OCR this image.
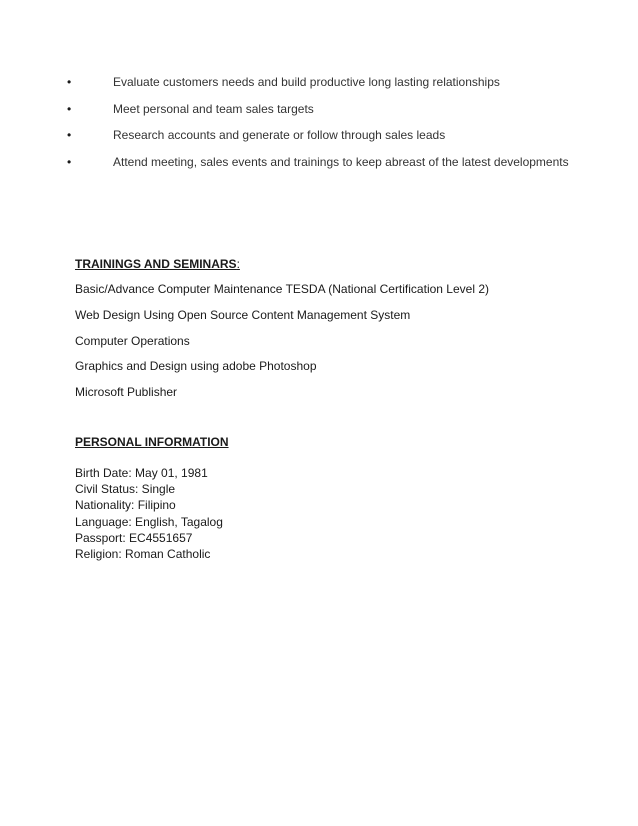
•	Evaluate customers needs and build productive long lasting relationships
•	Meet personal and team sales targets
•	Research accounts and generate or follow through sales leads
•	Attend meeting, sales events and trainings to keep abreast of the latest developments
TRAININGS AND SEMINARS:
Basic/Advance Computer Maintenance TESDA (National Certification Level 2)
Web Design Using Open Source Content Management System
Computer Operations
Graphics and Design using adobe Photoshop
Microsoft Publisher
PERSONAL INFORMATION
Birth Date: May 01, 1981
Civil Status: Single
Nationality: Filipino
Language: English, Tagalog
Passport: EC4551657
Religion: Roman Catholic
